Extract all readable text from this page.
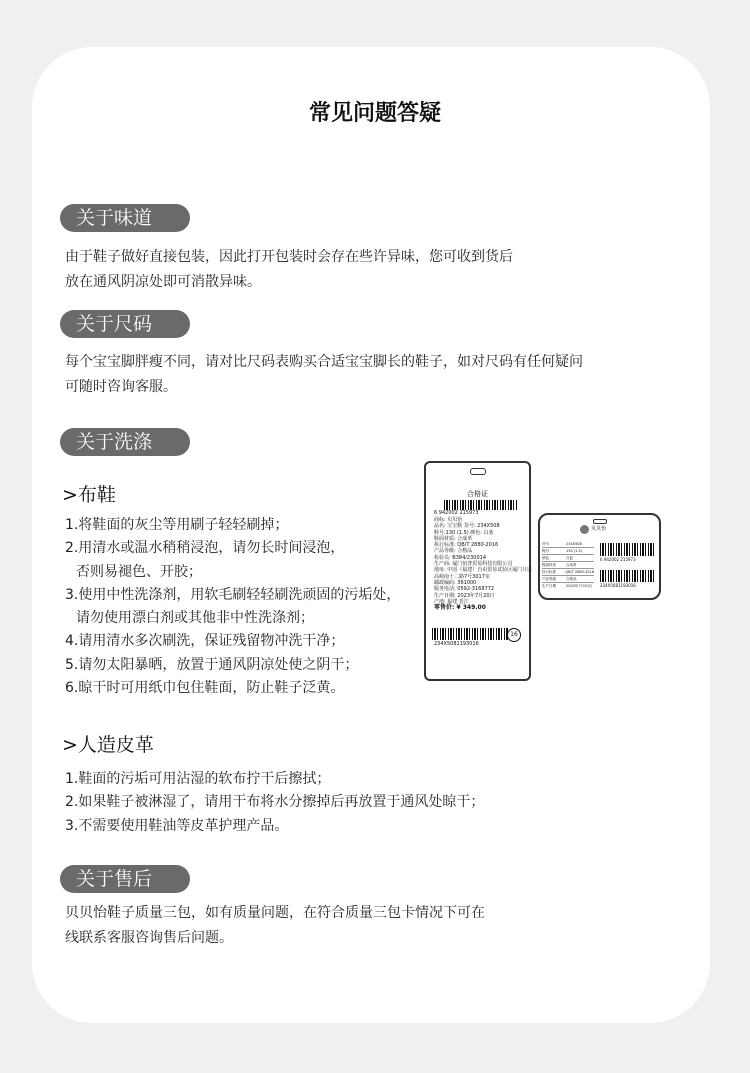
常见问题答疑
关于味道
由于鞋子做好直接包装，因此打开包装时会存在些许异味，您可收到货后
放在通风阴凉处即可消散异味。
关于尺码
每个宝宝脚胖瘦不同，请对比尺码表购买合适宝宝脚长的鞋子，如对尺码有任何疑问
可随时咨询客服。
关于洗涤
>布鞋
1.将鞋面的灰尘等用刷子轻轻刷掉；
2.用清水或温水稍稍浸泡，请勿长时间浸泡，
否则易褪色、开胶；
3.使用中性洗涤剂，用软毛刷轻轻刷洗顽固的污垢处，
请勿使用漂白剂或其他非中性洗涤剂；
4.请用清水多次刷洗，保证残留物冲洗干净；
5.请勿太阳暴晒，放置于通风阴凉处使之阴干；
6.晾干时可用纸巾包住鞋面，防止鞋子泛黄。
>人造皮革
1.鞋面的污垢可用沾湿的软布拧干后擦拭；
2.如果鞋子被淋湿了，请用干布将水分擦掉后再放置于通风处晾干；
3.不需要使用鞋油等皮革护理产品。
关于售后
贝贝怡鞋子质量三包，如有质量问题，在符合质量三包卡情况下可在
线联系客服咨询售后问题。
合格证
6 942002 215973
商标: 贝贝怡
品名: 宝宝鞋 货号: 234X508
鞋号:130 (1.5) 颜色: 白蓝
鞋面材质: 合成革
执行标准: QB/T 2880-2016
产品等级: 合格品
检验员: B384/230014
生产商: 厦门佰普贸易科技有限公司
地址: 中国（福建）自由贸易试验区厦门片区
高崎南十二路7号3017室
邮政编码: 361000
服务电话: 0592-3168772
生产日期: 2023年7月20日
产地: 福建 晋江
零售价: ¥ 349.00
234X5081193016
16
贝贝怡
货号	234X508
鞋号	130 (1.5)
颜色	白蓝
鞋面材质	合成革
执行标准	QB/T 2880-2016
产品等级	合格品
生产日期	2023年7月20日
6 942002 215973
234X5081193016
